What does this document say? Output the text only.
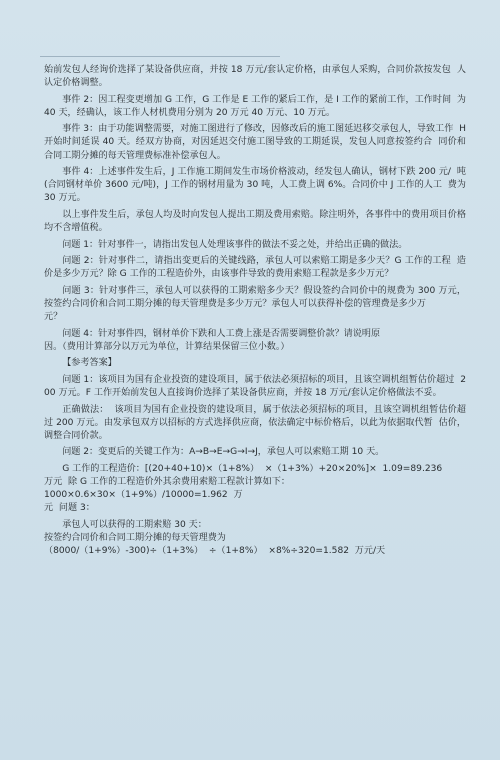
始前发包人经询价选择了某设备供应商，并按 18 万元/套认定价格，由承包人采购，合同价款按发包  人认定价格调整。
事件 2：因工程变更增加 G 工作，G 工作是 E 工作的紧后工作，是 I 工作的紧前工作，工作时间  为 40 天，经确认，该工作人材机费用分别为 20 万元 40 万元、10 万元。
事件 3：由于功能调整需要，对施工图进行了修改，因修改后的施工图延迟移交承包人，导致工作  H 开始时间延误 40 天。经双方协商，对因延迟交付施工图导致的工期延误，发包人同意按签约合  同价和合同工期分摊的每天管理费标准补偿承包人。
事件 4：上述事件发生后，J 工作施工期间发生市场价格波动，经发包人确认，钢材下跌 200 元/  吨(合同钢材单价 3600 元/吨)，J 工作的钢材用量为 30 吨，人工费上调 6%。合同价中 J 工作的人工  费为 30 万元。
以上事件发生后，承包人均及时向发包人提出工期及费用索赔。除注明外，各事件中的费用项目价格均不含增值税。
问题 1：针对事件一，请指出发包人处理该事件的做法不妥之处，并给出正确的做法。
问题 2：针对事件二，请指出变更后的关键线路，承包人可以索赔工期是多少天？G 工作的工程  造价是多少万元？除 G 工作的工程造价外，由该事件导致的费用索赔工程款是多少万元？
问题 3：针对事件三，承包人可以获得的工期索赔多少天？假设签约合同价中的规费为 300 万元，  按签约合同价和合同工期分摊的每天管理费是多少万元？承包人可以获得补偿的管理费是多少万
元？
问题 4：针对事件四，钢材单价下跌和人工费上涨是否需要调整价款？请说明原
因。（费用计算部分以万元为单位，计算结果保留三位小数。）
【参考答案】
问题 1：该项目为国有企业投资的建设项目，属于依法必须招标的项目，且该空调机组暂估价超过  200 万元。F 工作开始前发包人直接询价选择了某设备供应商，并按 18 万元/套认定价格做法不妥。
正确做法：  该项目为国有企业投资的建设项目，属于依法必须招标的项目，且该空调机组暂估价超过 200 万元。由发承包双方以招标的方式选择供应商，依法确定中标价格后，以此为依据取代暂  估价，调整合同价款。
问题 2：变更后的关键工作为：A→B→E→G→I→J，承包人可以索赔工期 10 天。
G 工作的工程造价：[(20+40+10)×（1+8%）  ×（1+3%）+20×20%]×  1.09=89.236
万元  除 G 工作的工程造价外其余费用索赔工程款计算如下：
1000×0.6×30×（1+9%）/10000=1.962  万
元  问题 3：
承包人可以获得的工期索赔 30 天：
按签约合同价和合同工期分摊的每天管理费为
（8000/（1+9%）-300)÷（1+3%）  ÷（1+8%）  ×8%÷320=1.582  万元/天
